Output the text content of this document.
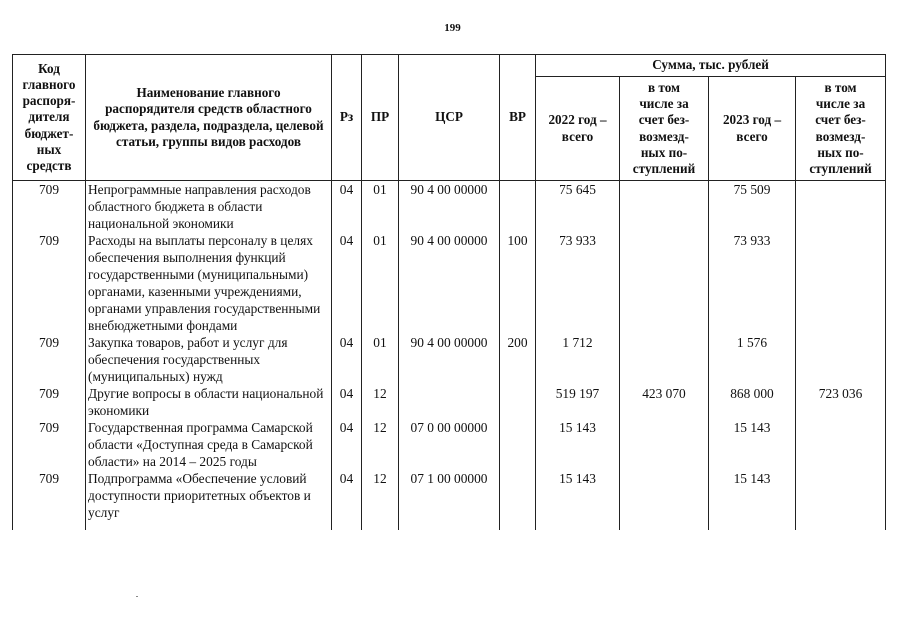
199
Код главного распоря-дителя бюджет-ных средств	Наименование главного распорядителя средств областного бюджета, раздела, подраздела, целевой статьи, группы видов расходов	Рз	ПР	ЦСР	ВР	Сумма, тыс. рублей			
						2022 год – всего	в том числе за счет без-возмезд-ных по-ступлений	2023 год – всего	в том числе за счет без-возмезд-ных по-ступлений
709	Непрограммные направления расходов областного бюджета в области национальной экономики	04	01	90 4 00 00000		75 645		75 509	
709	Расходы на выплаты персоналу в целях обеспечения выполнения функций государственными (муниципальными) органами, казенными учреждениями, органами управления государственными внебюджетными фондами	04	01	90 4 00 00000	100	73 933		73 933	
709	Закупка товаров, работ и услуг для обеспечения государственных (муниципальных) нужд	04	01	90 4 00 00000	200	1 712		1 576	
709	Другие вопросы в области национальной экономики	04	12			519 197	423 070	868 000	723 036
709	Государственная программа Самарской области «Доступная среда в Самарской области» на 2014 – 2025 годы	04	12	07 0 00 00000		15 143		15 143	
709	Подпрограмма «Обеспечение условий доступности приоритетных объектов и услуг	04	12	07 1 00 00000		15 143		15 143	
